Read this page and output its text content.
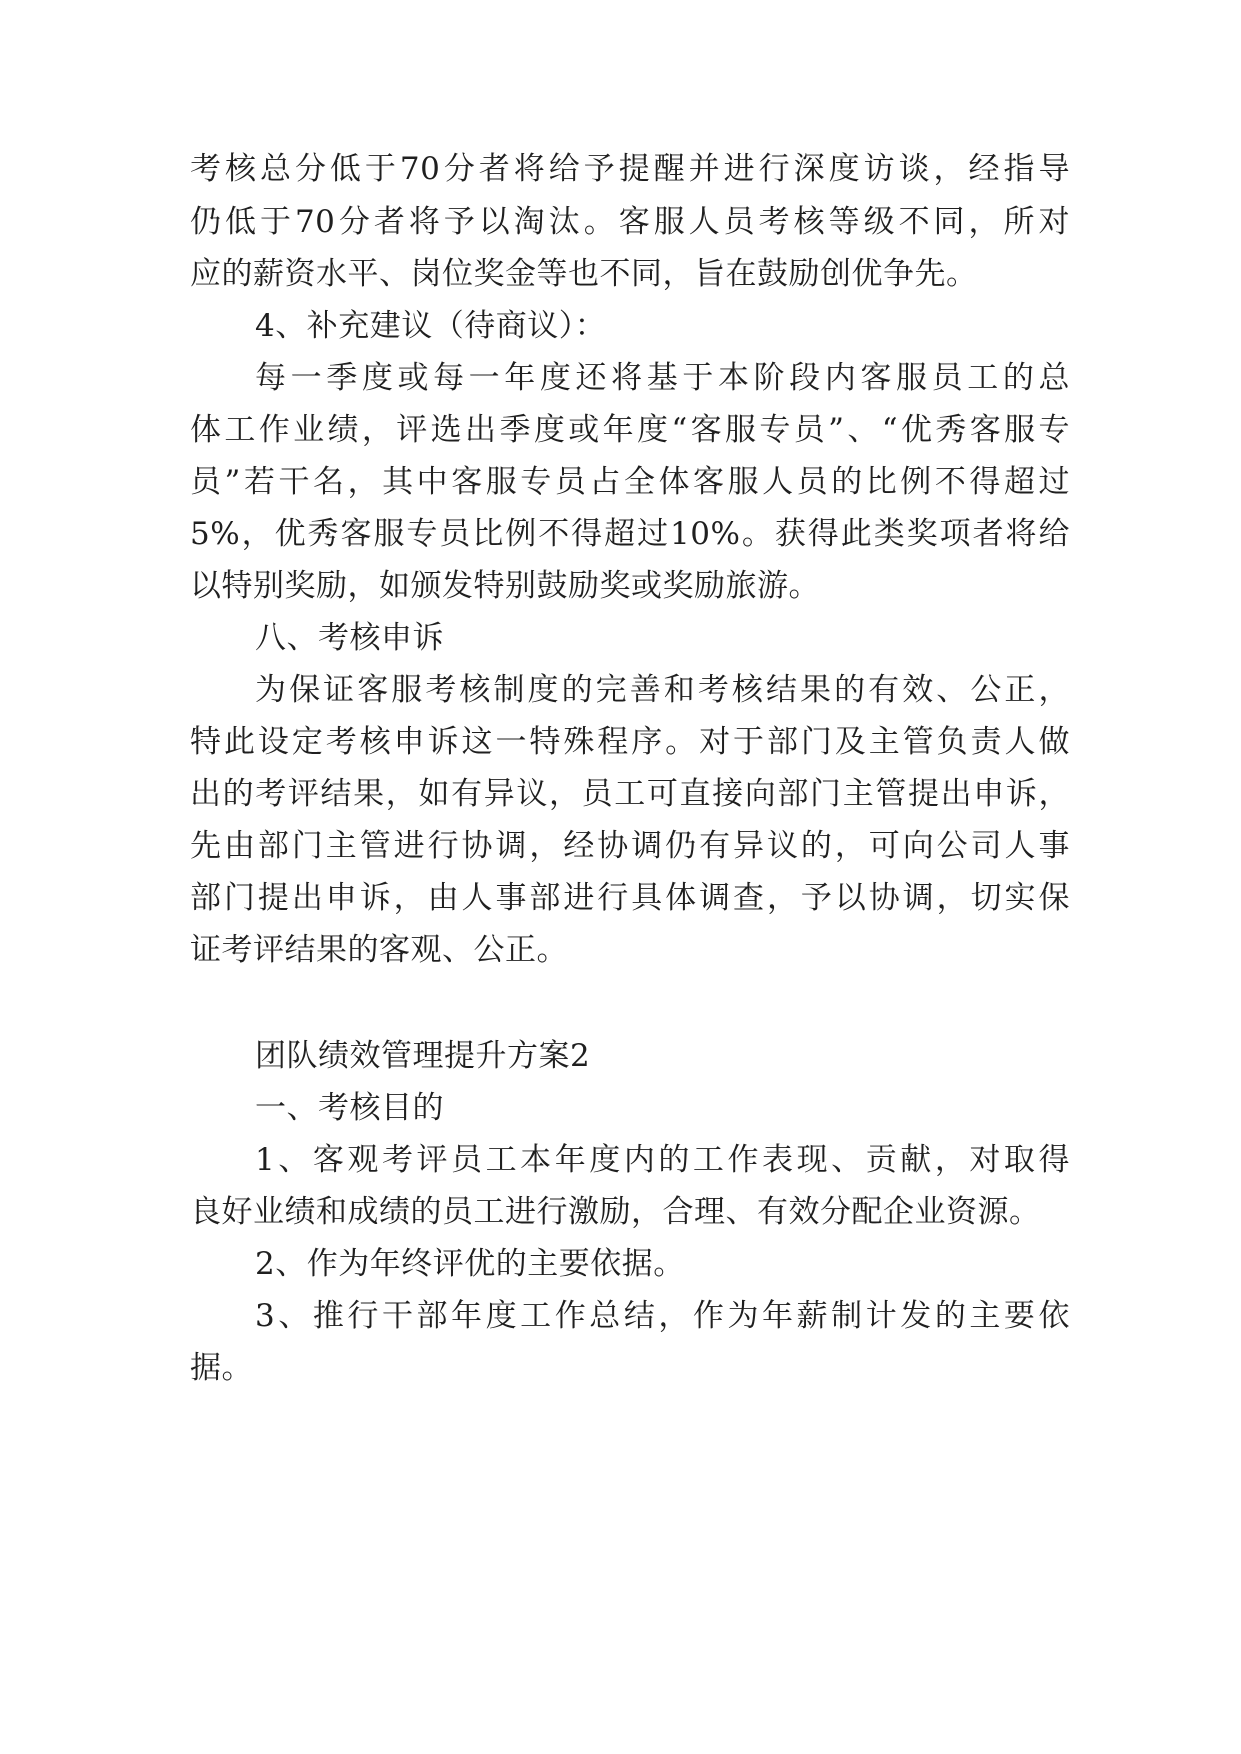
考核总分低于70分者将给予提醒并进行深度访谈，经指导
仍低于70分者将予以淘汰。客服人员考核等级不同，所对
应的薪资水平、岗位奖金等也不同，旨在鼓励创优争先。
4、补充建议（待商议）：
每一季度或每一年度还将基于本阶段内客服员工的总
体工作业绩，评选出季度或年度“客服专员”、“优秀客服专
员”若干名，其中客服专员占全体客服人员的比例不得超过
5%，优秀客服专员比例不得超过10%。获得此类奖项者将给
以特别奖励，如颁发特别鼓励奖或奖励旅游。
八、考核申诉
为保证客服考核制度的完善和考核结果的有效、公正，
特此设定考核申诉这一特殊程序。对于部门及主管负责人做
出的考评结果，如有异议，员工可直接向部门主管提出申诉，
先由部门主管进行协调，经协调仍有异议的，可向公司人事
部门提出申诉，由人事部进行具体调查，予以协调，切实保
证考评结果的客观、公正。
团队绩效管理提升方案2
一、考核目的
1、客观考评员工本年度内的工作表现、贡献，对取得
良好业绩和成绩的员工进行激励，合理、有效分配企业资源。
2、作为年终评优的主要依据。
3、推行干部年度工作总结，作为年薪制计发的主要依
据。
